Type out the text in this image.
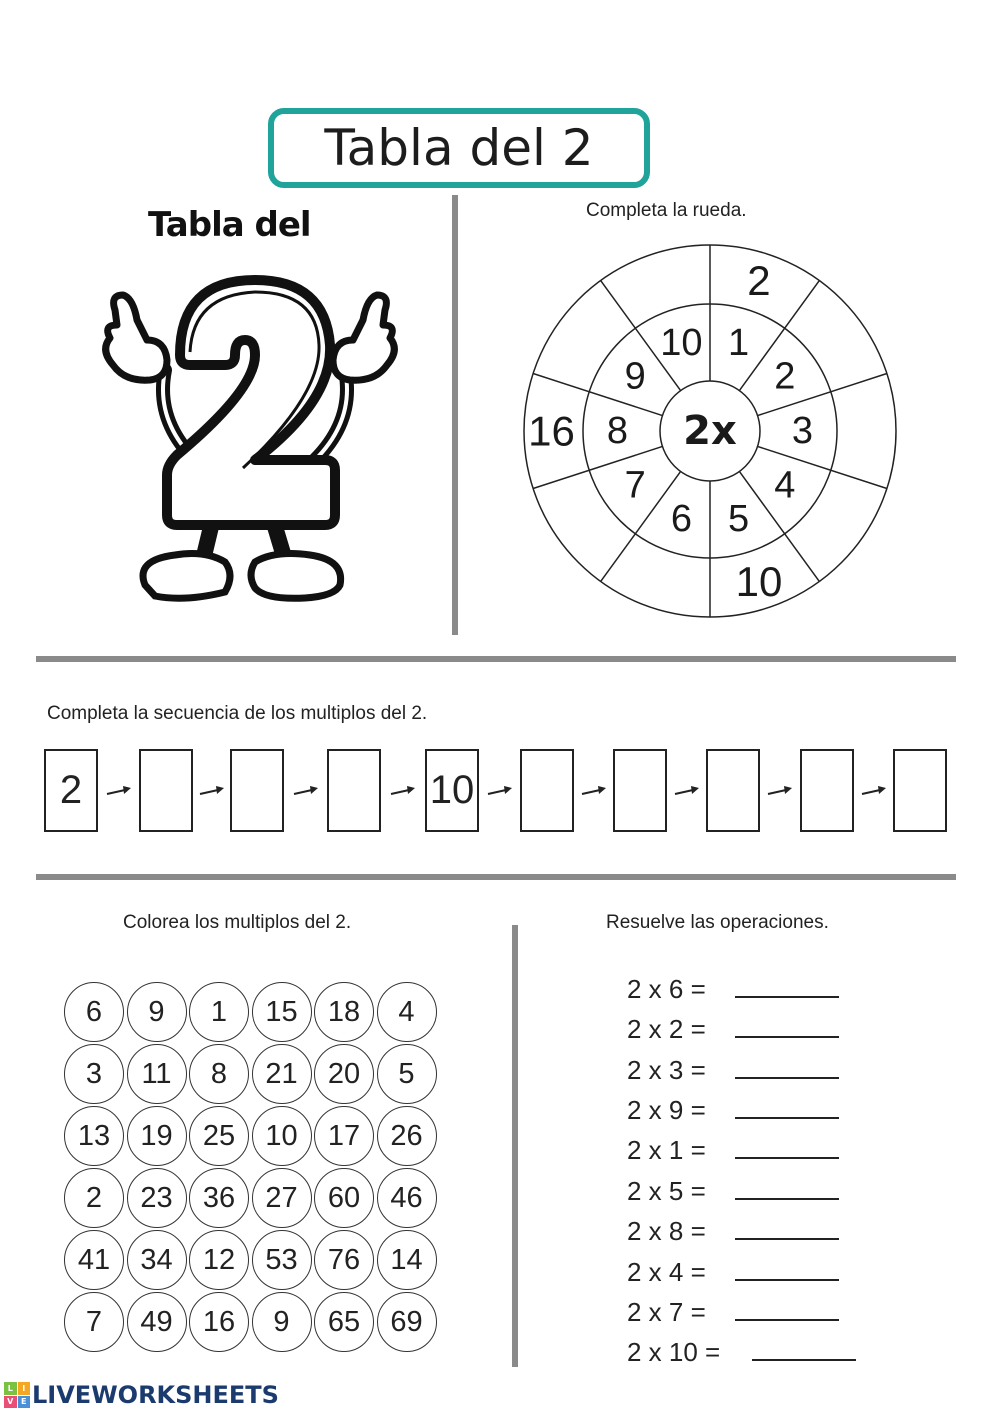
Tabla del 2
Tabla del	Completa la rueda.
2x
1
2
3
4
5
6
7
8
9
10
2
10
16
Completa la secuencia de los multiplos del 2.
2	10
Colorea los multiplos del 2.
6	9	1	15	18	4
3	11	8	21	20	5
13	19	25	10	17	26
2	23	36	27	60	46
41	34	12	53	76	14
7	49	16	9	65	69
Resuelve las operaciones.
2 x 6 =
2 x 2 =
2 x 3 =
2 x 9 =
2 x 1 =
2 x 5 =
2 x 8 =
2 x 4 =
2 x 7 =
2 x 10 =
L	I
V E LIVEWORKSHEETS
